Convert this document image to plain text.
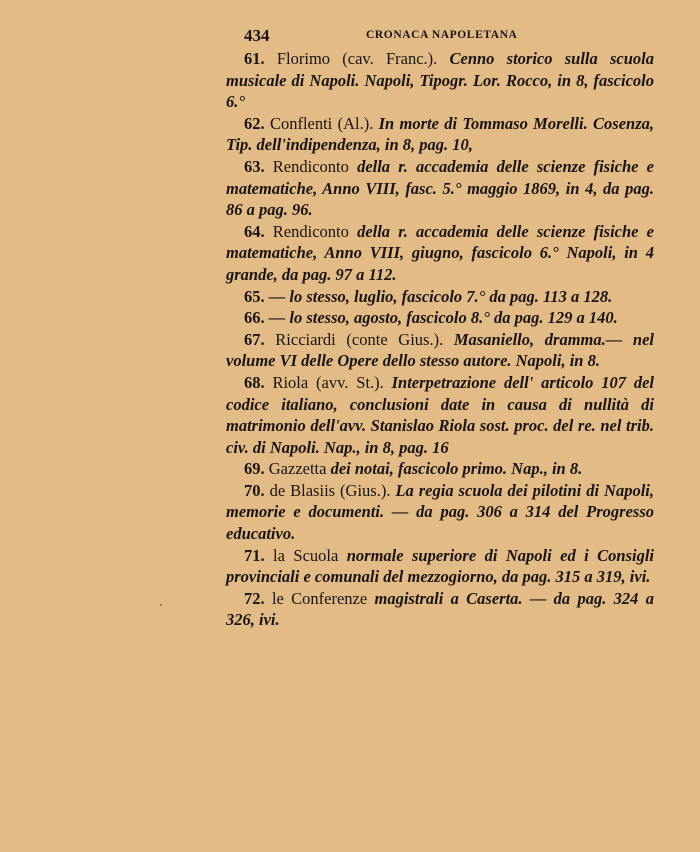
434	CRONACA NAPOLETANA

61. Florimo (cav. Franc.). Cenno storico sulla scuola musicale di Napoli. Napoli, Tipogr. Lor. Rocco, in 8, fascicolo 6.°

62. Conflenti (Al.). In morte di Tommaso Morelli. Cosenza, Tip. dell'indipendenza, in 8, pag. 10,

63. Rendiconto della r. accademia delle scienze fisiche e matematiche, Anno VIII, fasc. 5.° maggio 1869, in 4, da pag. 86 a pag. 96.

64. Rendiconto della r. accademia delle scienze fisiche e matematiche, Anno VIII, giugno, fascicolo 6.° Napoli, in 4 grande, da pag. 97 a 112.

65. — lo stesso, luglio, fascicolo 7.° da pag. 113 a 128.

66. — lo stesso, agosto, fascicolo 8.° da pag. 129 a 140.

67. Ricciardi (conte Gius.). Masaniello, dramma.— nel volume VI delle Opere dello stesso autore. Napoli, in 8.

68. Riola (avv. St.). Interpetrazione dell' articolo 107 del codice italiano, conclusioni date in causa di nullità di matrimonio dell'avv. Stanislao Riola sost. proc. del re. nel trib. civ. di Napoli. Nap., in 8, pag. 16

69. Gazzetta dei notai, fascicolo primo. Nap., in 8.

70. de Blasiis (Gius.). La regia scuola dei pilotini di Napoli, memorie e documenti. — da pag. 306 a 314 del Progresso educativo.

71. la Scuola normale superiore di Napoli ed i Consigli provinciali e comunali del mezzogiorno, da pag. 315 a 319, ivi.

72. le Conferenze magistrali a Caserta. — da pag. 324 a 326, ivi.
